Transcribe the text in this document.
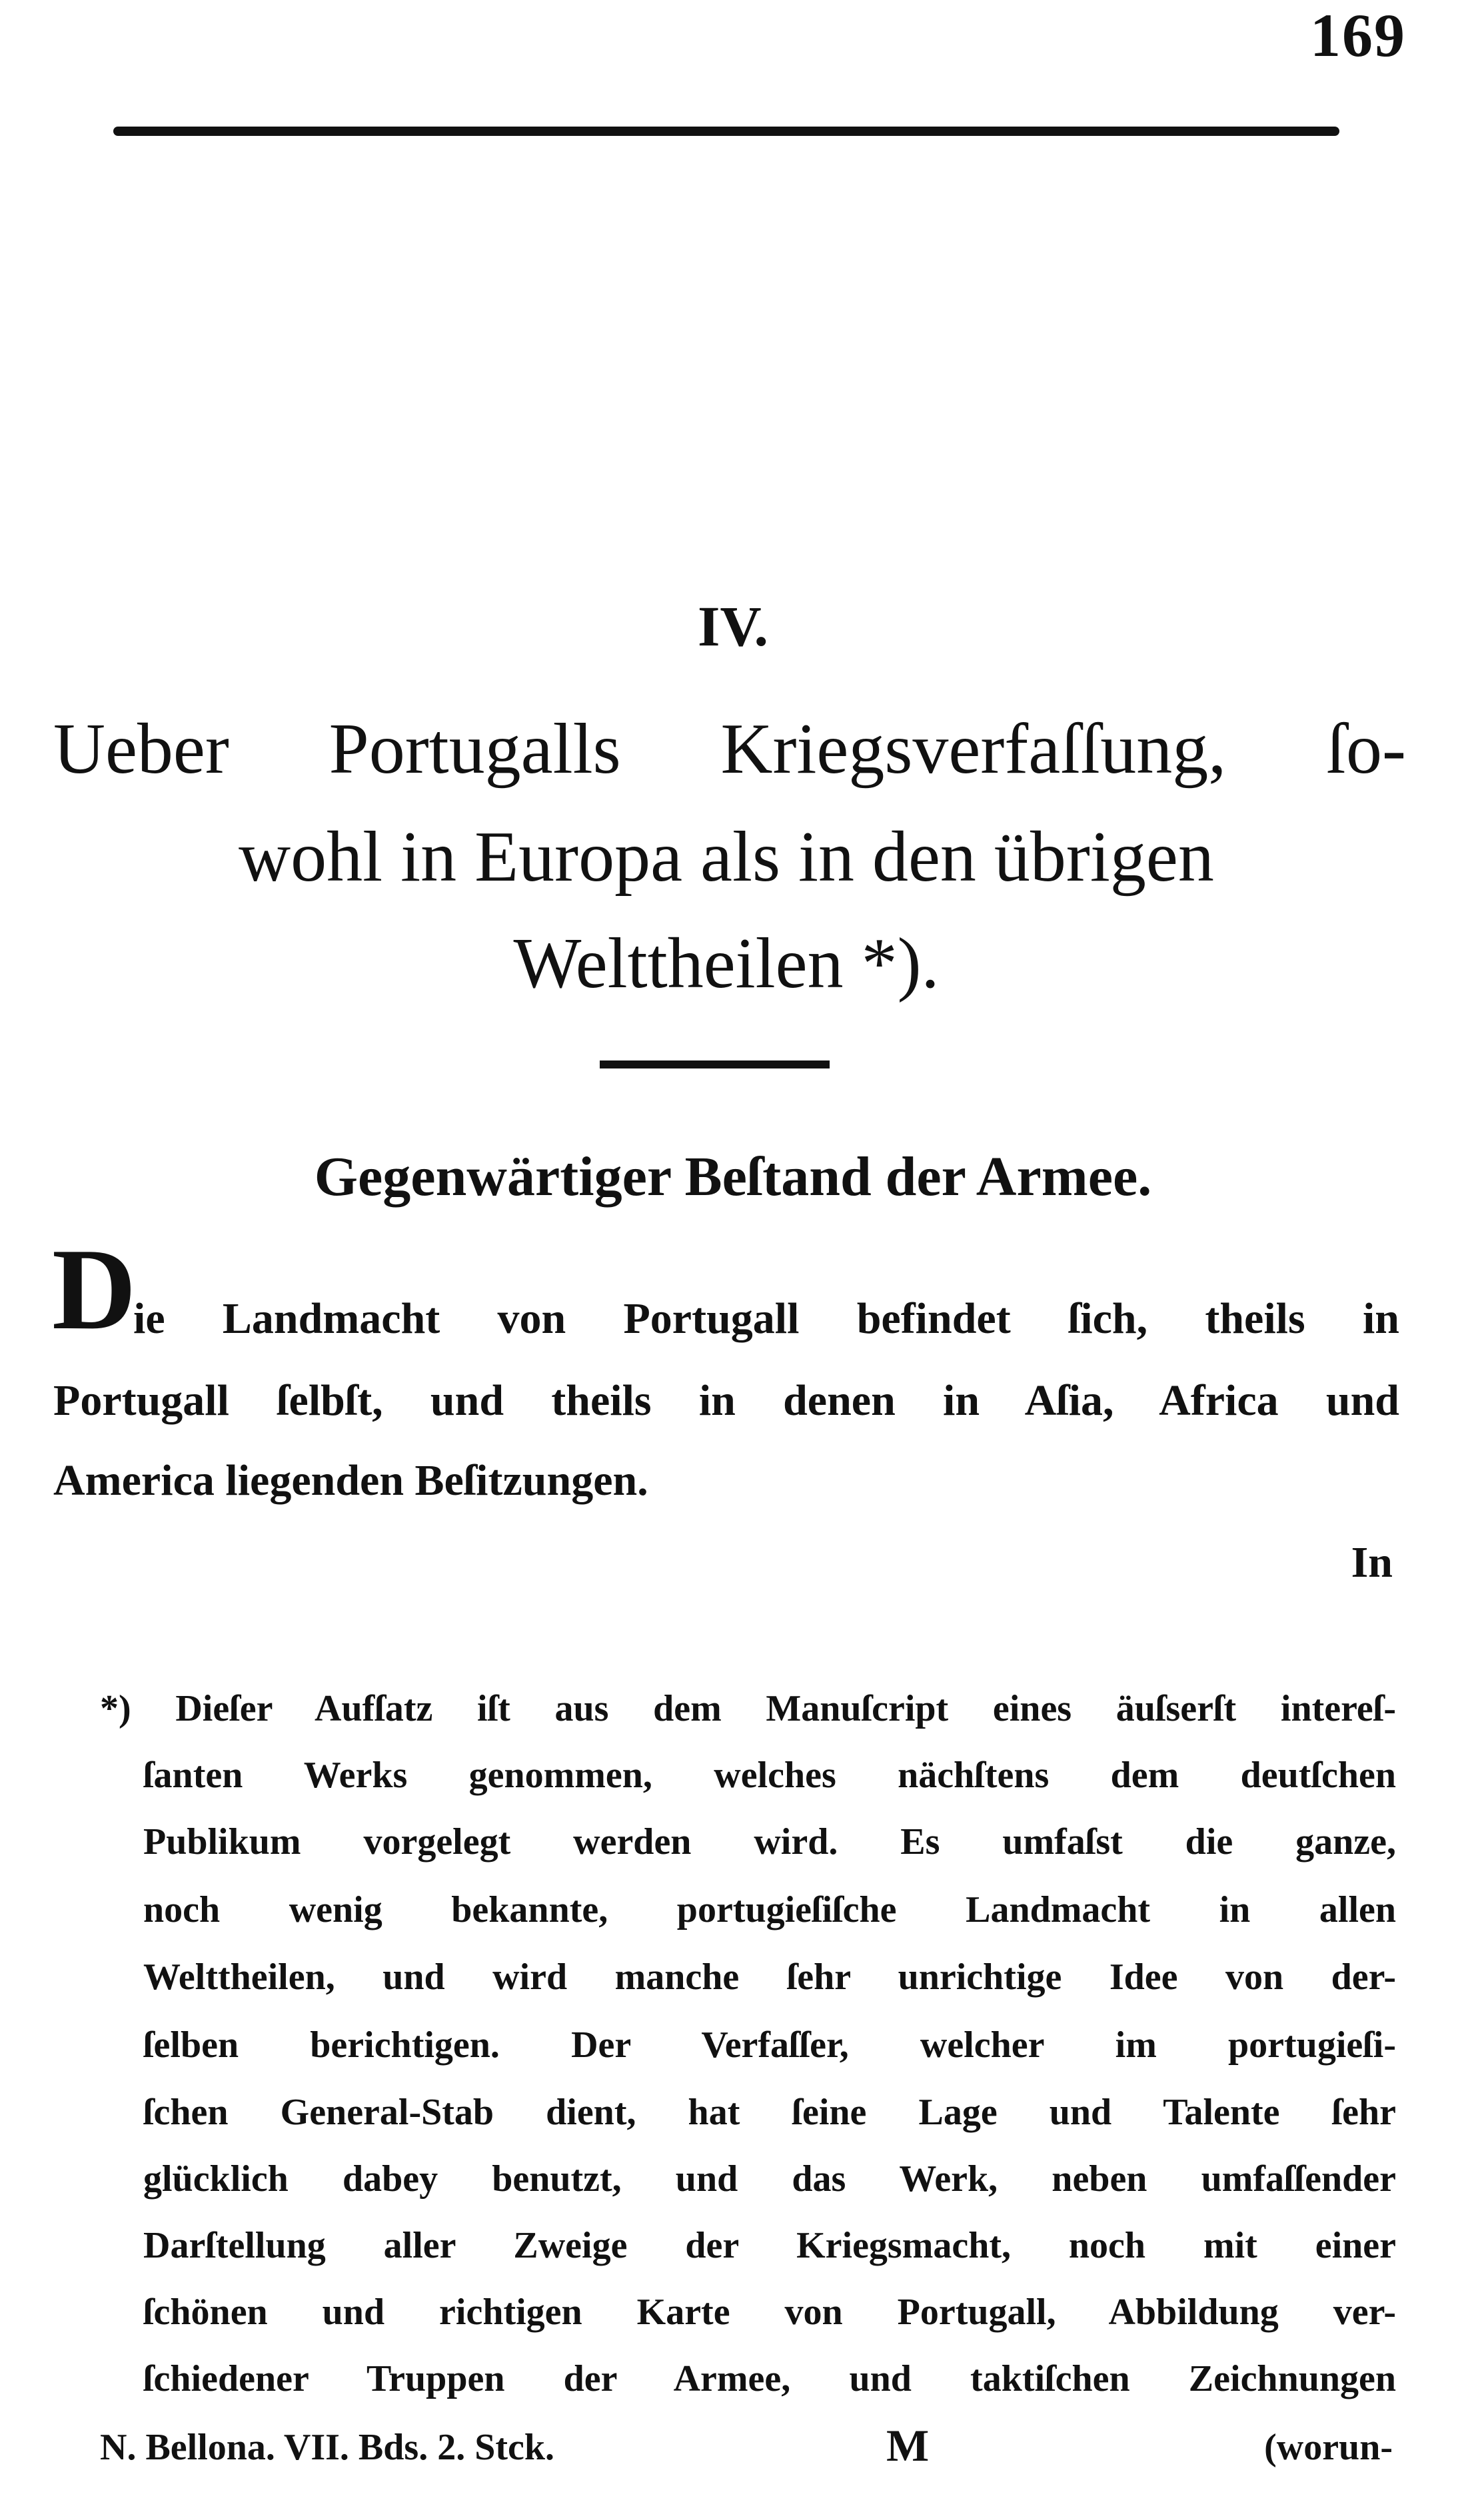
169
IV.
Ueber Portugalls Kriegsverfaſſung, ſo-
wohl in Europa als in den übrigen
Welttheilen *).
Gegenwärtiger Beſtand der Armee.
D
ie Landmacht von Portugall befindet ſich, theils in
Portugall ſelbſt, und theils in denen in Aſia, Africa und
America liegenden Beſitzungen.
In
*) Dieſer Aufſatz iſt aus dem Manuſcript eines äuſserſt intereſ-
ſanten Werks genommen, welches nächſtens dem deutſchen
Publikum vorgelegt werden wird. Es umfaſst die ganze,
noch wenig bekannte, portugieſiſche Landmacht in allen
Welttheilen, und wird manche ſehr unrichtige Idee von der-
ſelben berichtigen. Der Verfaſſer, welcher im portugieſi-
ſchen General-Stab dient, hat ſeine Lage und Talente ſehr
glücklich dabey benutzt, und das Werk, neben umfaſſender
Darſtellung aller Zweige der Kriegsmacht, noch mit einer
ſchönen und richtigen Karte von Portugall, Abbildung ver-
ſchiedener Truppen der Armee, und taktiſchen Zeichnungen
N. Bellona. VII. Bds. 2. Stck.	M	(worun-
